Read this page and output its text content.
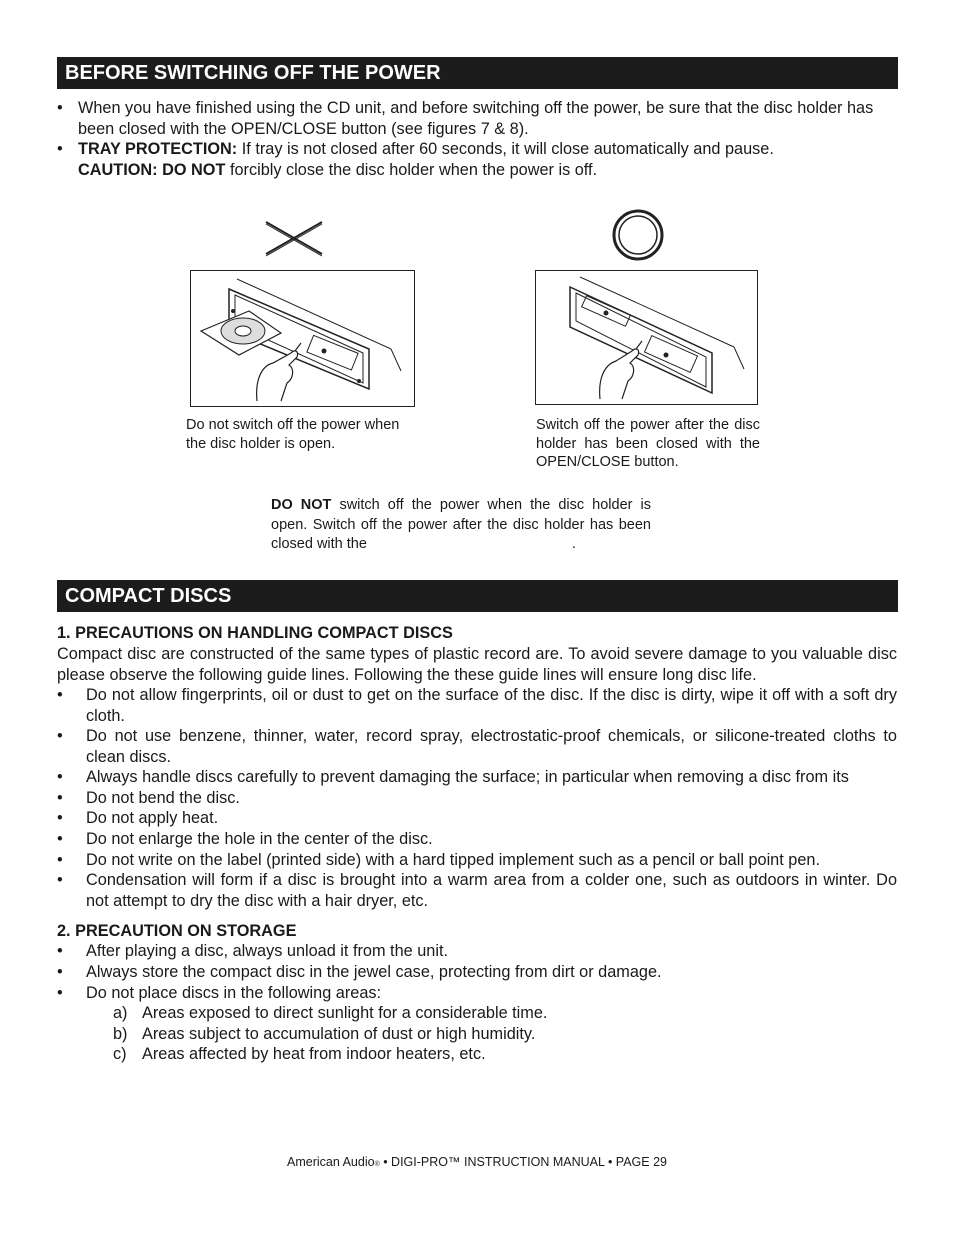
BEFORE SWITCHING OFF THE POWER
• When you have finished using the CD unit, and before switching off the power, be sure that the disc holder has been closed with the OPEN/CLOSE button (see figures 7 & 8).
• TRAY PROTECTION: If tray is not closed after 60 seconds, it will close automatically and pause.
CAUTION: DO NOT forcibly close the disc holder when the power is off.
Do not switch off the power when the disc holder is open.
Switch off the power after the disc holder has been closed with the OPEN/CLOSE button.
DO NOT switch off the power when the disc holder is open. Switch off the power after the disc holder has been closed with the	.
COMPACT DISCS
1. PRECAUTIONS ON HANDLING COMPACT DISCS
Compact disc are constructed of the same types of plastic record are. To avoid severe damage to you valuable disc please observe the following guide lines. Following the these guide lines will ensure long disc life.
• Do not allow fingerprints, oil or dust to get on the surface of the disc. If the disc is dirty, wipe it off with a soft dry cloth.
• Do not use benzene, thinner, water, record spray, electrostatic-proof chemicals, or silicone-treated cloths to clean discs.
• Always handle discs carefully to prevent damaging the surface; in particular when removing a disc from its
• Do not bend the disc.
• Do not apply heat.
• Do not enlarge the hole in the center of the disc.
• Do not write on the label (printed side) with a hard tipped implement such as a pencil or ball point pen.
• Condensation will form if a disc is brought into a warm area from a colder one, such as outdoors in winter. Do not attempt to dry the disc with a hair dryer, etc.
2. PRECAUTION ON STORAGE
• After playing a disc, always unload it from the unit.
• Always store the compact disc in the jewel case, protecting from dirt or damage.
• Do not place discs in the following areas:
a) Areas exposed to direct sunlight for a considerable time.
b) Areas subject to accumulation of dust or high humidity.
c) Areas affected by heat from indoor heaters, etc.
American Audio® • DIGI-PRO™ INSTRUCTION MANUAL • PAGE 29
